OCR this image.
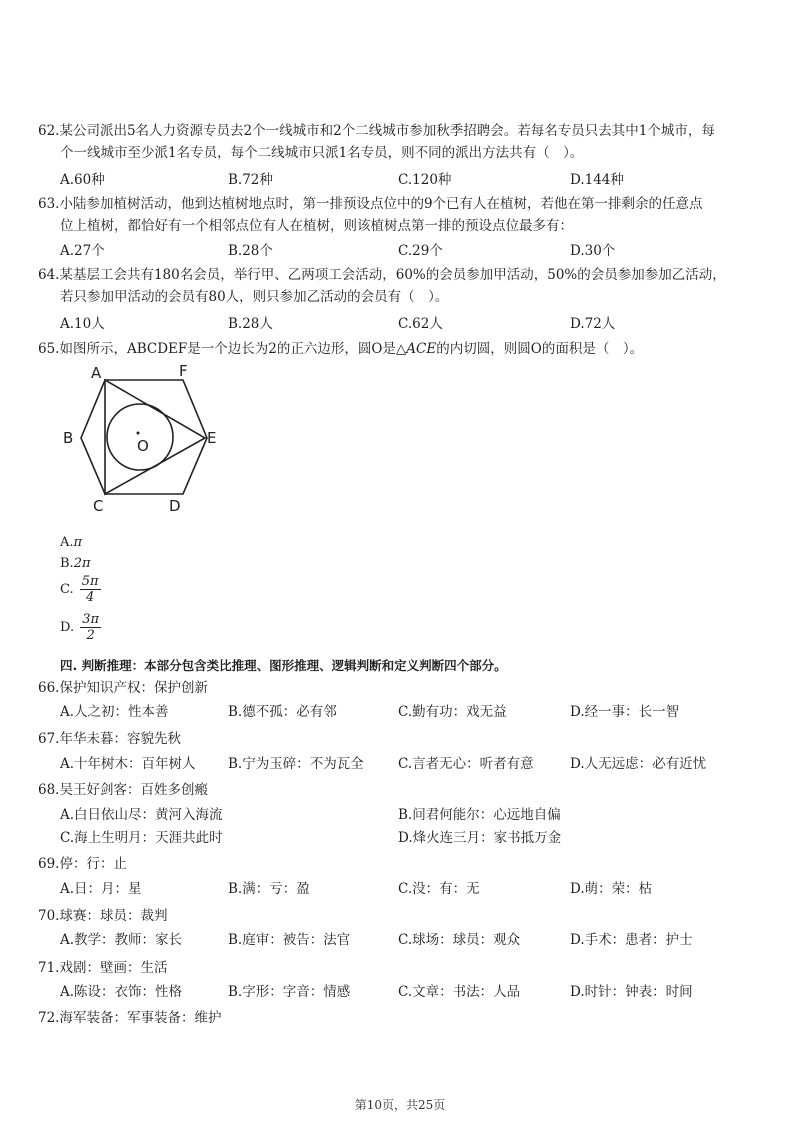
62.某公司派出5名人力资源专员去2个一线城市和2个二线城市参加秋季招聘会。若每名专员只去其中1个城市，每
个一线城市至少派1名专员，每个二线城市只派1名专员，则不同的派出方法共有（　）。
A.60种	B.72种	C.120种	D.144种
63.小陆参加植树活动，他到达植树地点时，第一排预设点位中的9个已有人在植树，若他在第一排剩余的任意点
位上植树，都恰好有一个相邻点位有人在植树，则该植树点第一排的预设点位最多有：
A.27个	B.28个	C.29个	D.30个
64.某基层工会共有180名会员，举行甲、乙两项工会活动，60%的会员参加甲活动，50%的会员参加参加乙活动，
若只参加甲活动的会员有80人，则只参加乙活动的会员有（　）。
A.10人	B.28人	C.62人	D.72人
65.如图所示，ABCDEF是一个边长为2的正六边形，圆O是△ACE的内切圆，则圆O的面积是（　）。
A	F
B	E
C	D
O
A.π
B.2π
C. $\frac{5\pi}{4}$
D. $\frac{3\pi}{2}$
四. 判断推理：本部分包含类比推理、图形推理、逻辑判断和定义判断四个部分。
66.保护知识产权：保护创新
A.人之初：性本善	B.德不孤：必有邻	C.勤有功：戏无益	D.经一事：长一智
67.年华未暮：容貌先秋
A.十年树木：百年树人 B.宁为玉碎：不为瓦全	C.言者无心：听者有意	D.人无远虑：必有近忧
68.吴王好剑客：百姓多创瘢
A.白日依山尽：黄河入海流	B.问君何能尔：心远地自偏
C.海上生明月：天涯共此时	D.烽火连三月：家书抵万金
69.停：行：止
A.日：月：星	B.满：亏：盈	C.没：有：无	D.萌：荣：枯
70.球赛：球员：裁判
A.教学：教师：家长	B.庭审：被告：法官	C.球场：球员：观众	D.手术：患者：护士
71.戏剧：壁画：生活
A.陈设：衣饰：性格	B.字形：字音：情感	C.文章：书法：人品	D.时针：钟表：时间
72.海军装备：军事装备：维护
第10页，共25页
